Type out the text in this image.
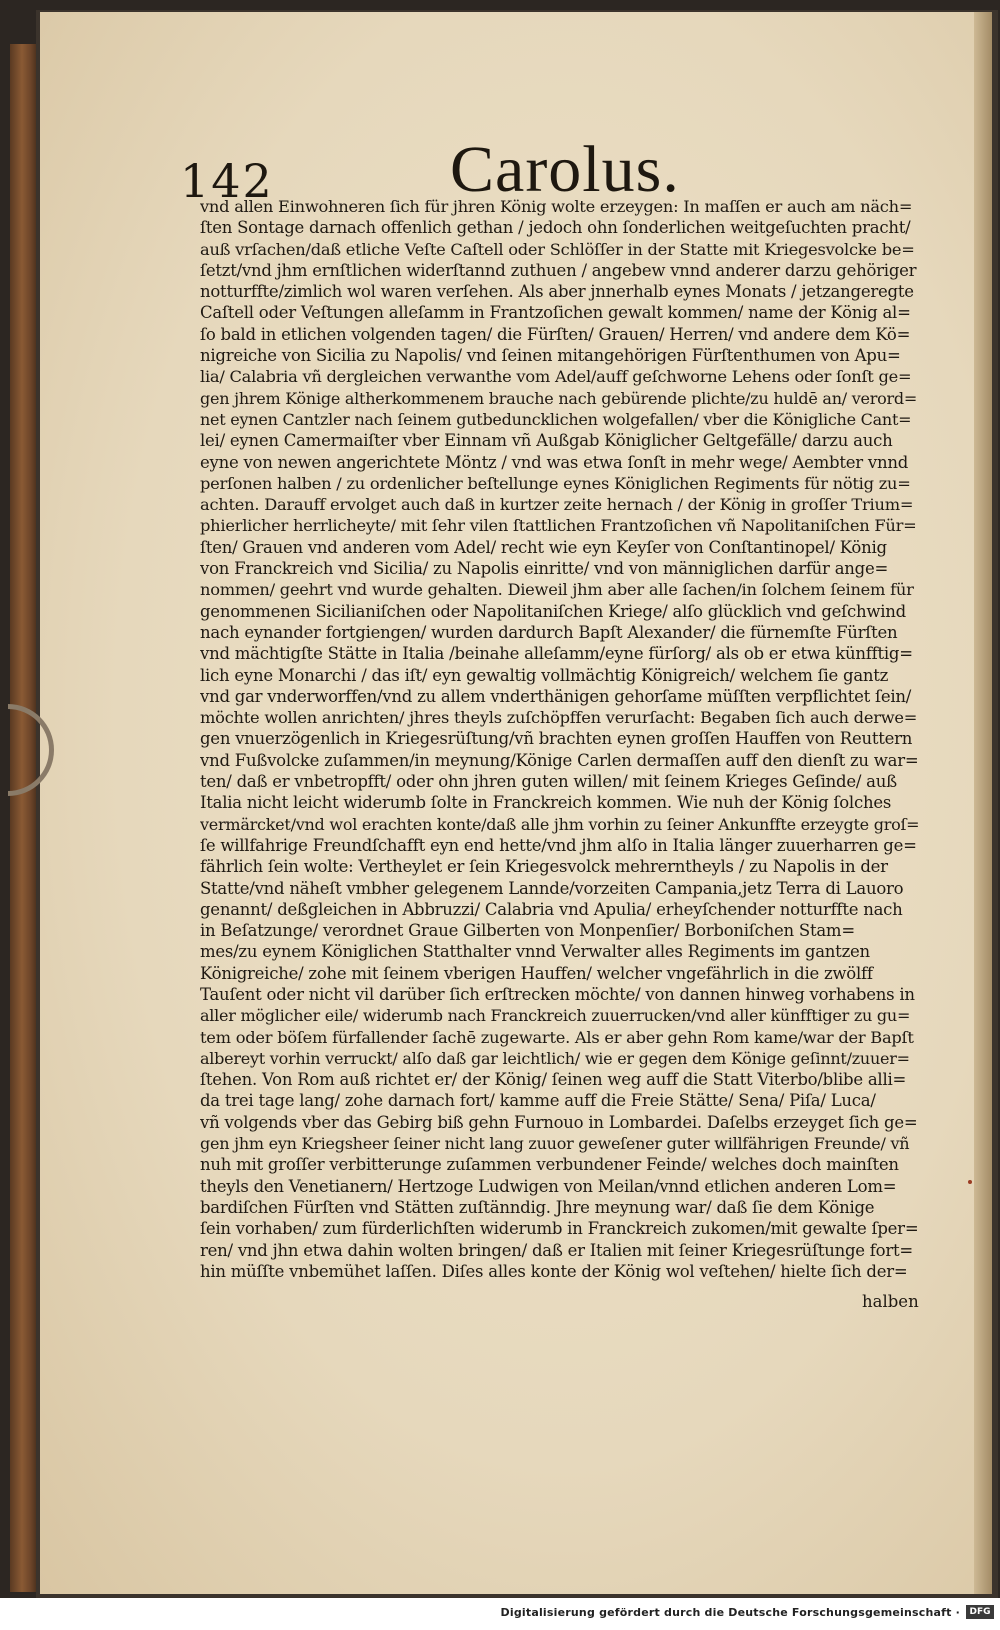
142	Carolus.
vnd allen Einwohneren ſich für jhren König wolte erzeygen: In maſſen er auch am näch=
ſten Sontage darnach offenlich gethan / jedoch ohn ſonderlichen weitgeſuchten pracht/
auß vrſachen/daß etliche Veſte Caſtell oder Schlöſſer in der Statte mit Kriegesvolcke be=
ſetzt/vnd jhm ernſtlichen widerſtannd zuthuen / angebew vnnd anderer darzu gehöriger
notturffte/zimlich wol waren verſehen. Als aber jnnerhalb eynes Monats / jetzangeregte
Caſtell oder Veſtungen alleſamm in Frantzoſichen gewalt kommen/ name der König al=
ſo bald in etlichen volgenden tagen/ die Fürſten/ Grauen/ Herren/ vnd andere dem Kö=
nigreiche von Sicilia zu Napolis/ vnd ſeinen mitangehörigen Fürſtenthumen von Apu=
lia/ Calabria vñ dergleichen verwanthe vom Adel/auff geſchworne Lehens oder ſonſt ge=
gen jhrem Könige altherkommenem brauche nach gebürende plichte/zu huldē an/ verord=
net eynen Cantzler nach ſeinem gutbeduncklichen wolgefallen/ vber die Königliche Cant=
lei/ eynen Camermaiſter vber Einnam vñ Außgab Königlicher Geltgefälle/ darzu auch
eyne von newen angerichtete Möntz / vnd was etwa ſonſt in mehr wege/ Aembter vnnd
perſonen halben / zu ordenlicher beſtellunge eynes Königlichen Regiments für nötig zu=
achten. Darauff ervolget auch daß in kurtzer zeite hernach / der König in groſſer Trium=
phierlicher herrlicheyte/ mit ſehr vilen ſtattlichen Frantzoſichen vñ Napolitaniſchen Für=
ſten/ Grauen vnd anderen vom Adel/ recht wie eyn Keyſer von Conſtantinopel/ König
von Franckreich vnd Sicilia/ zu Napolis einritte/ vnd von männiglichen darfür ange=
nommen/ geehrt vnd wurde gehalten. Dieweil jhm aber alle ſachen/in ſolchem ſeinem für
genommenen Sicilianiſchen oder Napolitaniſchen Kriege/ alſo glücklich vnd geſchwind
nach eynander fortgiengen/ wurden dardurch Bapſt Alexander/ die fürnemſte Fürſten
vnd mächtigſte Stätte in Italia /beinahe alleſamm/eyne fürſorg/ als ob er etwa künfftig=
lich eyne Monarchi / das iſt/ eyn gewaltig vollmächtig Königreich/ welchem ſie gantz
vnd gar vnderworffen/vnd zu allem vnderthänigen gehorſame müſſten verpflichtet ſein/
möchte wollen anrichten/ jhres theyls zuſchöpffen verurſacht: Begaben ſich auch derwe=
gen vnuerzögenlich in Kriegesrüſtung/vñ brachten eynen groſſen Hauffen von Reuttern
vnd Fußvolcke zuſammen/in meynung/Könige Carlen dermaſſen auff den dienſt zu war=
ten/ daß er vnbetropfft/ oder ohn jhren guten willen/ mit ſeinem Krieges Geſinde/ auß
Italia nicht leicht widerumb ſolte in Franckreich kommen. Wie nuh der König ſolches
vermärcket/vnd wol erachten konte/daß alle jhm vorhin zu ſeiner Ankunffte erzeygte groſ=
ſe willfahrige Freundſchafft eyn end hette/vnd jhm alſo in Italia länger zuuerharren ge=
fährlich ſein wolte: Vertheylet er ſein Kriegesvolck mehrerntheyls / zu Napolis in der
Statte/vnd näheſt vmbher gelegenem Lannde/vorzeiten Campania,jetz Terra di Lauoro
genannt/ deßgleichen in Abbruzzi/ Calabria vnd Apulia/ erheyſchender notturffte nach
in Beſatzunge/ verordnet Graue Gilberten von Monpenſier/ Borboniſchen Stam=
mes/zu eynem Königlichen Statthalter vnnd Verwalter alles Regiments im gantzen
Königreiche/ zohe mit ſeinem vberigen Hauffen/ welcher vngefährlich in die zwölff
Tauſent oder nicht vil darüber ſich erſtrecken möchte/ von dannen hinweg vorhabens in
aller möglicher eile/ widerumb nach Franckreich zuuerrucken/vnd aller künfftiger zu gu=
tem oder böſem fürfallender ſachē zugewarte. Als er aber gehn Rom kame/war der Bapſt
albereyt vorhin verruckt/ alſo daß gar leichtlich/ wie er gegen dem Könige geſinnt/zuuer=
ſtehen. Von Rom auß richtet er/ der König/ ſeinen weg auff die Statt Viterbo/blibe alli=
da trei tage lang/ zohe darnach fort/ kamme auff die Freie Stätte/ Sena/ Piſa/ Luca/
vñ volgends vber das Gebirg biß gehn Furnouo in Lombardei. Daſelbs erzeyget ſich ge=
gen jhm eyn Kriegsheer ſeiner nicht lang zuuor geweſener guter willfährigen Freunde/ vñ
nuh mit groſſer verbitterunge zuſammen verbundener Feinde/ welches doch mainſten
theyls den Venetianern/ Hertzoge Ludwigen von Meilan/vnnd etlichen anderen Lom=
bardiſchen Fürſten vnd Stätten zuſtänndig. Jhre meynung war/ daß ſie dem Könige
ſein vorhaben/ zum fürderlichſten widerumb in Franckreich zukomen/mit gewalte ſper=
ren/ vnd jhn etwa dahin wolten bringen/ daß er Italien mit ſeiner Kriegesrüſtunge fort=
hin müſſte vnbemühet laſſen. Diſes alles konte der König wol veſtehen/ hielte ſich der=
halben
Digitalisierung gefördert durch die Deutsche Forschungsgemeinschaft ·	DFG
